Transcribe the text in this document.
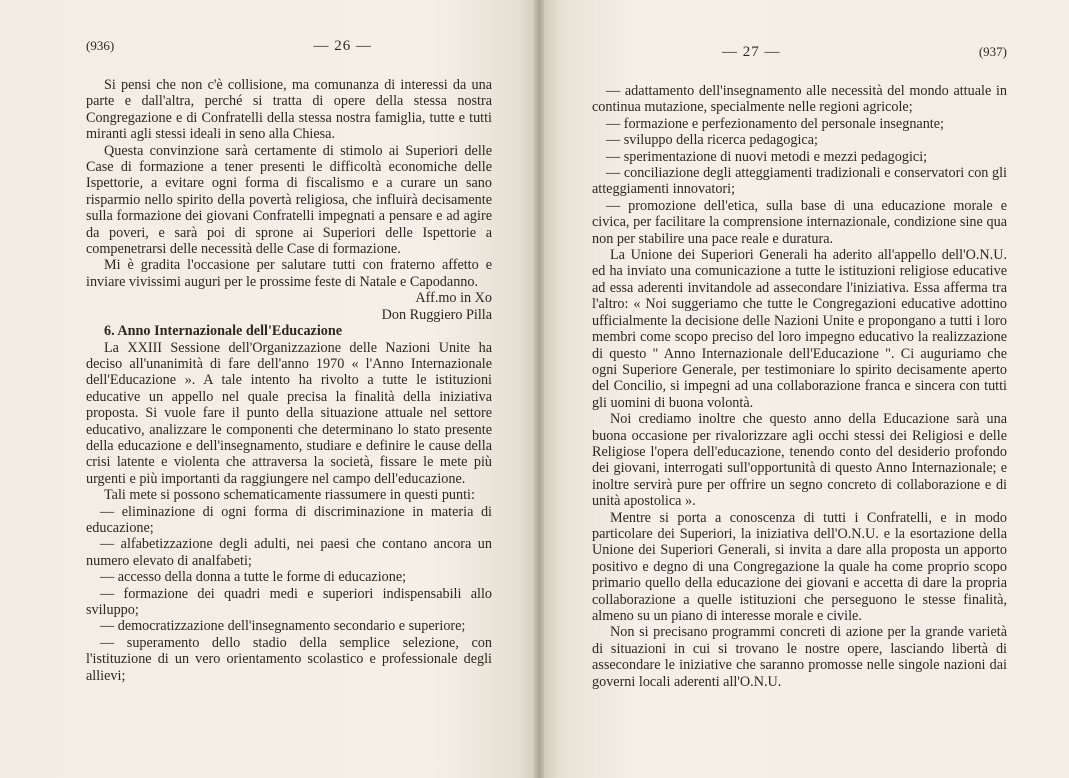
(936)	— 26 —

Si pensi che non c'è collisione, ma comunanza di interessi da una parte e dall'altra, perché si tratta di opere della stessa nostra Congregazione e di Confratelli della stessa nostra famiglia, tutte e tutti miranti agli stessi ideali in seno alla Chiesa.

Questa convinzione sarà certamente di stimolo ai Superiori delle Case di formazione a tener presenti le difficoltà economiche delle Ispettorie, a evitare ogni forma di fiscalismo e a curare un sano risparmio nello spirito della povertà religiosa, che influirà decisamente sulla formazione dei giovani Confratelli impegnati a pensare e ad agire da poveri, e sarà poi di sprone ai Superiori delle Ispettorie a compenetrarsi delle necessità delle Case di formazione.

Mi è gradita l'occasione per salutare tutti con fraterno affetto e inviare vivissimi auguri per le prossime feste di Natale e Capodanno.

Aff.mo in Xo

Don Ruggiero Pilla

6. Anno Internazionale dell'Educazione

La XXIII Sessione dell'Organizzazione delle Nazioni Unite ha deciso all'unanimità di fare dell'anno 1970 « l'Anno Internazionale dell'Educazione ». A tale intento ha rivolto a tutte le istituzioni educative un appello nel quale precisa la finalità della iniziativa proposta. Si vuole fare il punto della situazione attuale nel settore educativo, analizzare le componenti che determinano lo stato presente della educazione e dell'insegnamento, studiare e definire le cause della crisi latente e violenta che attraversa la società, fissare le mete più urgenti e più importanti da raggiungere nel campo dell'educazione.

Tali mete si possono schematicamente riassumere in questi punti:

— eliminazione di ogni forma di discriminazione in materia di educazione;

— alfabetizzazione degli adulti, nei paesi che contano ancora un numero elevato di analfabeti;

— accesso della donna a tutte le forme di educazione;

— formazione dei quadri medi e superiori indispensabili allo sviluppo;

— democratizzazione dell'insegnamento secondario e superiore;

— superamento dello stadio della semplice selezione, con l'istituzione di un vero orientamento scolastico e professionale degli allievi;

— 27 —	(937)

— adattamento dell'insegnamento alle necessità del mondo attuale in continua mutazione, specialmente nelle regioni agricole;

— formazione e perfezionamento del personale insegnante;

— sviluppo della ricerca pedagogica;

— sperimentazione di nuovi metodi e mezzi pedagogici;

— conciliazione degli atteggiamenti tradizionali e conservatori con gli atteggiamenti innovatori;

— promozione dell'etica, sulla base di una educazione morale e civica, per facilitare la comprensione internazionale, condizione sine qua non per stabilire una pace reale e duratura.

La Unione dei Superiori Generali ha aderito all'appello dell'O.N.U. ed ha inviato una comunicazione a tutte le istituzioni religiose educative ad essa aderenti invitandole ad assecondare l'iniziativa. Essa afferma tra l'altro: « Noi suggeriamo che tutte le Congregazioni educative adottino ufficialmente la decisione delle Nazioni Unite e propongano a tutti i loro membri come scopo preciso del loro impegno educativo la realizzazione di questo " Anno Internazionale dell'Educazione ". Ci auguriamo che ogni Superiore Generale, per testimoniare lo spirito decisamente aperto del Concilio, si impegni ad una collaborazione franca e sincera con tutti gli uomini di buona volontà.

Noi crediamo inoltre che questo anno della Educazione sarà una buona occasione per rivalorizzare agli occhi stessi dei Religiosi e delle Religiose l'opera dell'educazione, tenendo conto del desiderio profondo dei giovani, interrogati sull'opportunità di questo Anno Internazionale; e inoltre servirà pure per offrire un segno concreto di collaborazione e di unità apostolica ».

Mentre si porta a conoscenza di tutti i Confratelli, e in modo particolare dei Superiori, la iniziativa dell'O.N.U. e la esortazione della Unione dei Superiori Generali, si invita a dare alla proposta un apporto positivo e degno di una Congregazione la quale ha come proprio scopo primario quello della educazione dei giovani e accetta di dare la propria collaborazione a quelle istituzioni che perseguono le stesse finalità, almeno su un piano di interesse morale e civile.

Non si precisano programmi concreti di azione per la grande varietà di situazioni in cui si trovano le nostre opere, lasciando libertà di assecondare le iniziative che saranno promosse nelle singole nazioni dai governi locali aderenti all'O.N.U.
